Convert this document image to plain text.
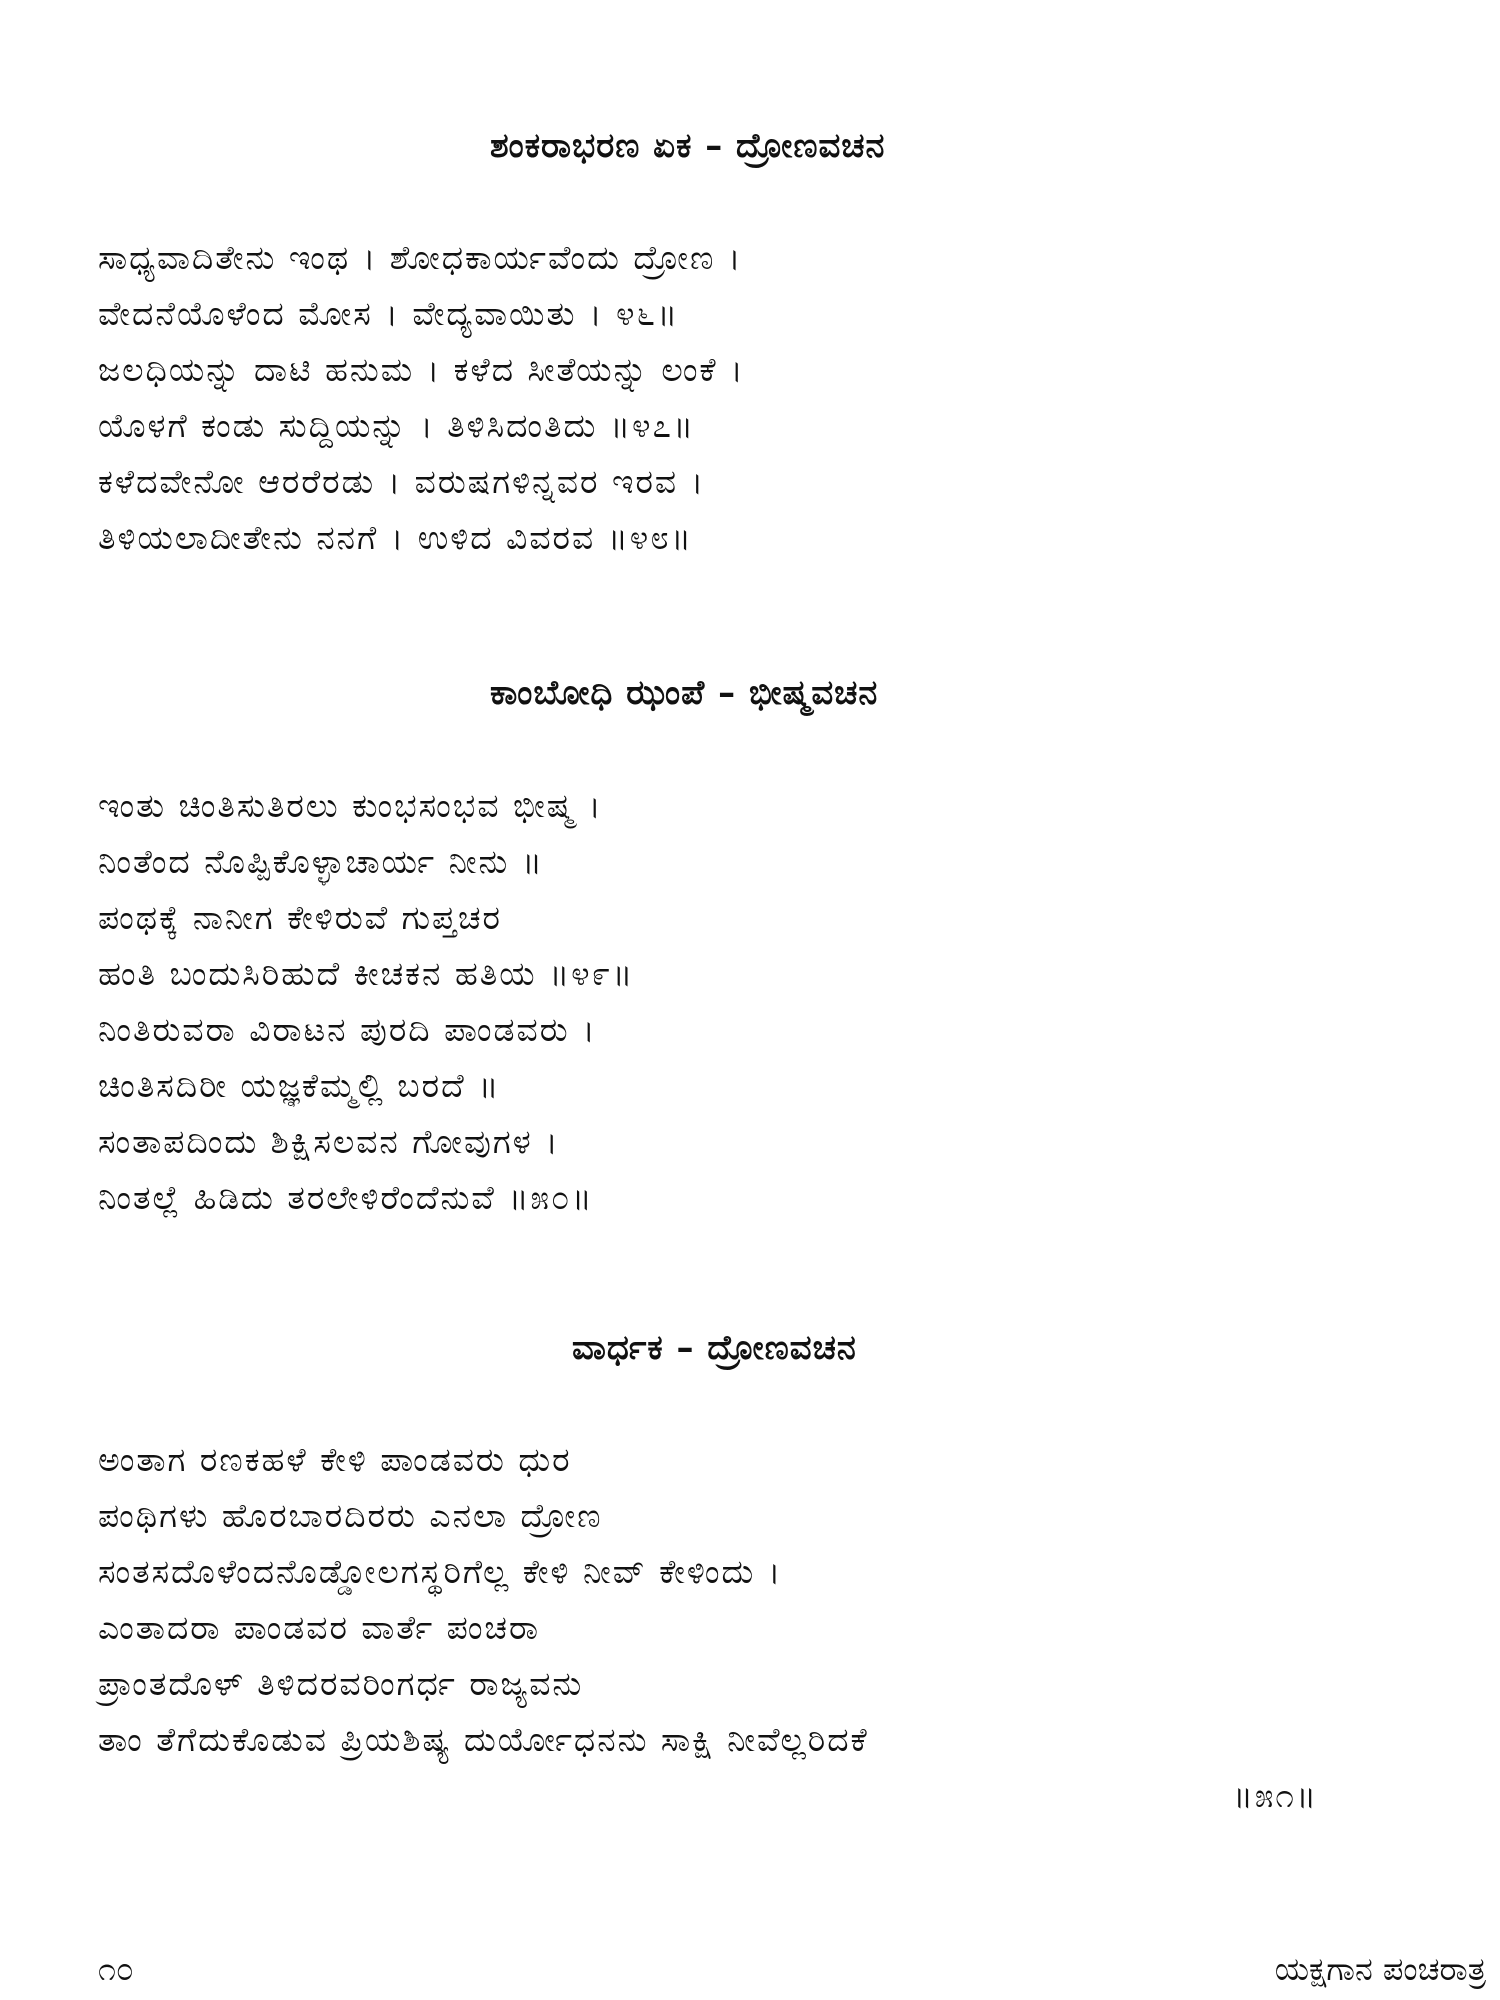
ಶಂಕರಾಭರಣ ಏಕ – ದ್ರೋಣವಚನ
ಸಾಧ್ಯವಾದಿತೇನು ಇಂಥ । ಶೋಧಕಾರ್ಯವೆಂದು ದ್ರೋಣ ।
ವೇದನೆಯೊಳೆಂದ ಮೋಸ । ವೇದ್ಯವಾಯಿತು । ೪೬॥
ಜಲಧಿಯನ್ನು ದಾಟಿ ಹನುಮ । ಕಳೆದ ಸೀತೆಯನ್ನು ಲಂಕೆ ।
ಯೊಳಗೆ ಕಂಡು ಸುದ್ದಿಯನ್ನು । ತಿಳಿಸಿದಂತಿದು ॥೪೭॥
ಕಳೆದವೇನೋ ಆರರೆರಡು । ವರುಷಗಳಿನ್ನವರ ಇರವ ।
ತಿಳಿಯಲಾದೀತೇನು ನನಗೆ । ಉಳಿದ ವಿವರವ ॥೪೮॥
ಕಾಂಬೋಧಿ ಝಂಪೆ – ಭೀಷ್ಮವಚನ
ಇಂತು ಚಿಂತಿಸುತಿರಲು ಕುಂಭಸಂಭವ ಭೀಷ್ಮ ।
ನಿಂತೆಂದ ನೊಪ್ಪಿಕೊಳ್ಳಾಚಾರ್ಯ ನೀನು ॥
ಪಂಥಕ್ಕೆ ನಾನೀಗ ಕೇಳಿರುವೆ ಗುಪ್ತಚರ
ಹಂತಿ ಬಂದುಸಿರಿಹುದೆ ಕೀಚಕನ ಹತಿಯ ॥೪೯॥
ನಿಂತಿರುವರಾ ವಿರಾಟನ ಪುರದಿ ಪಾಂಡವರು ।
ಚಿಂತಿಸದಿರೀ ಯಜ್ಞಕೆಮ್ಮಲ್ಲಿ ಬರದೆ ॥
ಸಂತಾಪದಿಂದು ಶಿಕ್ಷಿಸಲವನ ಗೋವುಗಳ ।
ನಿಂತಲ್ಲೆ ಹಿಡಿದು ತರಲೇಳಿರೆಂದೆನುವೆ ॥೫೦॥
ವಾರ್ಧಕ – ದ್ರೋಣವಚನ
ಅಂತಾಗ ರಣಕಹಳೆ ಕೇಳಿ ಪಾಂಡವರು ಧುರ
ಪಂಥಿಗಳು ಹೊರಬಾರದಿರರು ಎನಲಾ ದ್ರೋಣ
ಸಂತಸದೊಳೆಂದನೊಡ್ಡೋಲಗಸ್ಥರಿಗೆಲ್ಲ ಕೇಳಿ ನೀವ್ ಕೇಳಿಂದು ।
ಎಂತಾದರಾ ಪಾಂಡವರ ವಾರ್ತೆ ಪಂಚರಾ
ಪ್ರಾಂತದೊಳ್ ತಿಳಿದರವರಿಂಗರ್ಧ ರಾಜ್ಯವನು
ತಾಂ ತೆಗೆದುಕೊಡುವ ಪ್ರಿಯಶಿಷ್ಯ ದುರ್ಯೋಧನನು ಸಾಕ್ಷಿ ನೀವೆಲ್ಲರಿದಕೆ
॥೫೧॥
೧೦	ಯಕ್ಷಗಾನ ಪಂಚರಾತ್ರ
